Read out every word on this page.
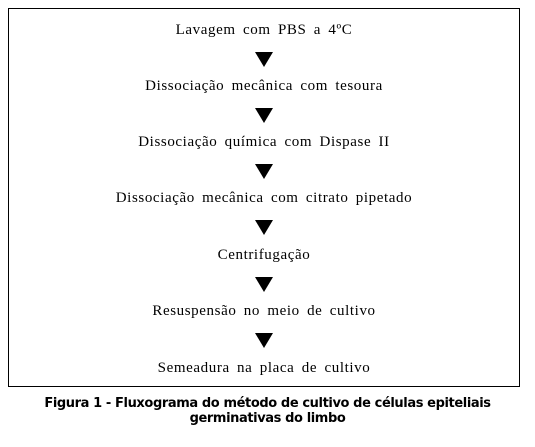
Lavagem com PBS a 4ºC
Dissociação mecânica com tesoura
Dissociação química com Dispase II
Dissociação mecânica com citrato pipetado
Centrifugação
Resuspensão no meio de cultivo
Semeadura na placa de cultivo
Figura 1 - Fluxograma do método de cultivo de células epiteliais
germinativas do limbo
